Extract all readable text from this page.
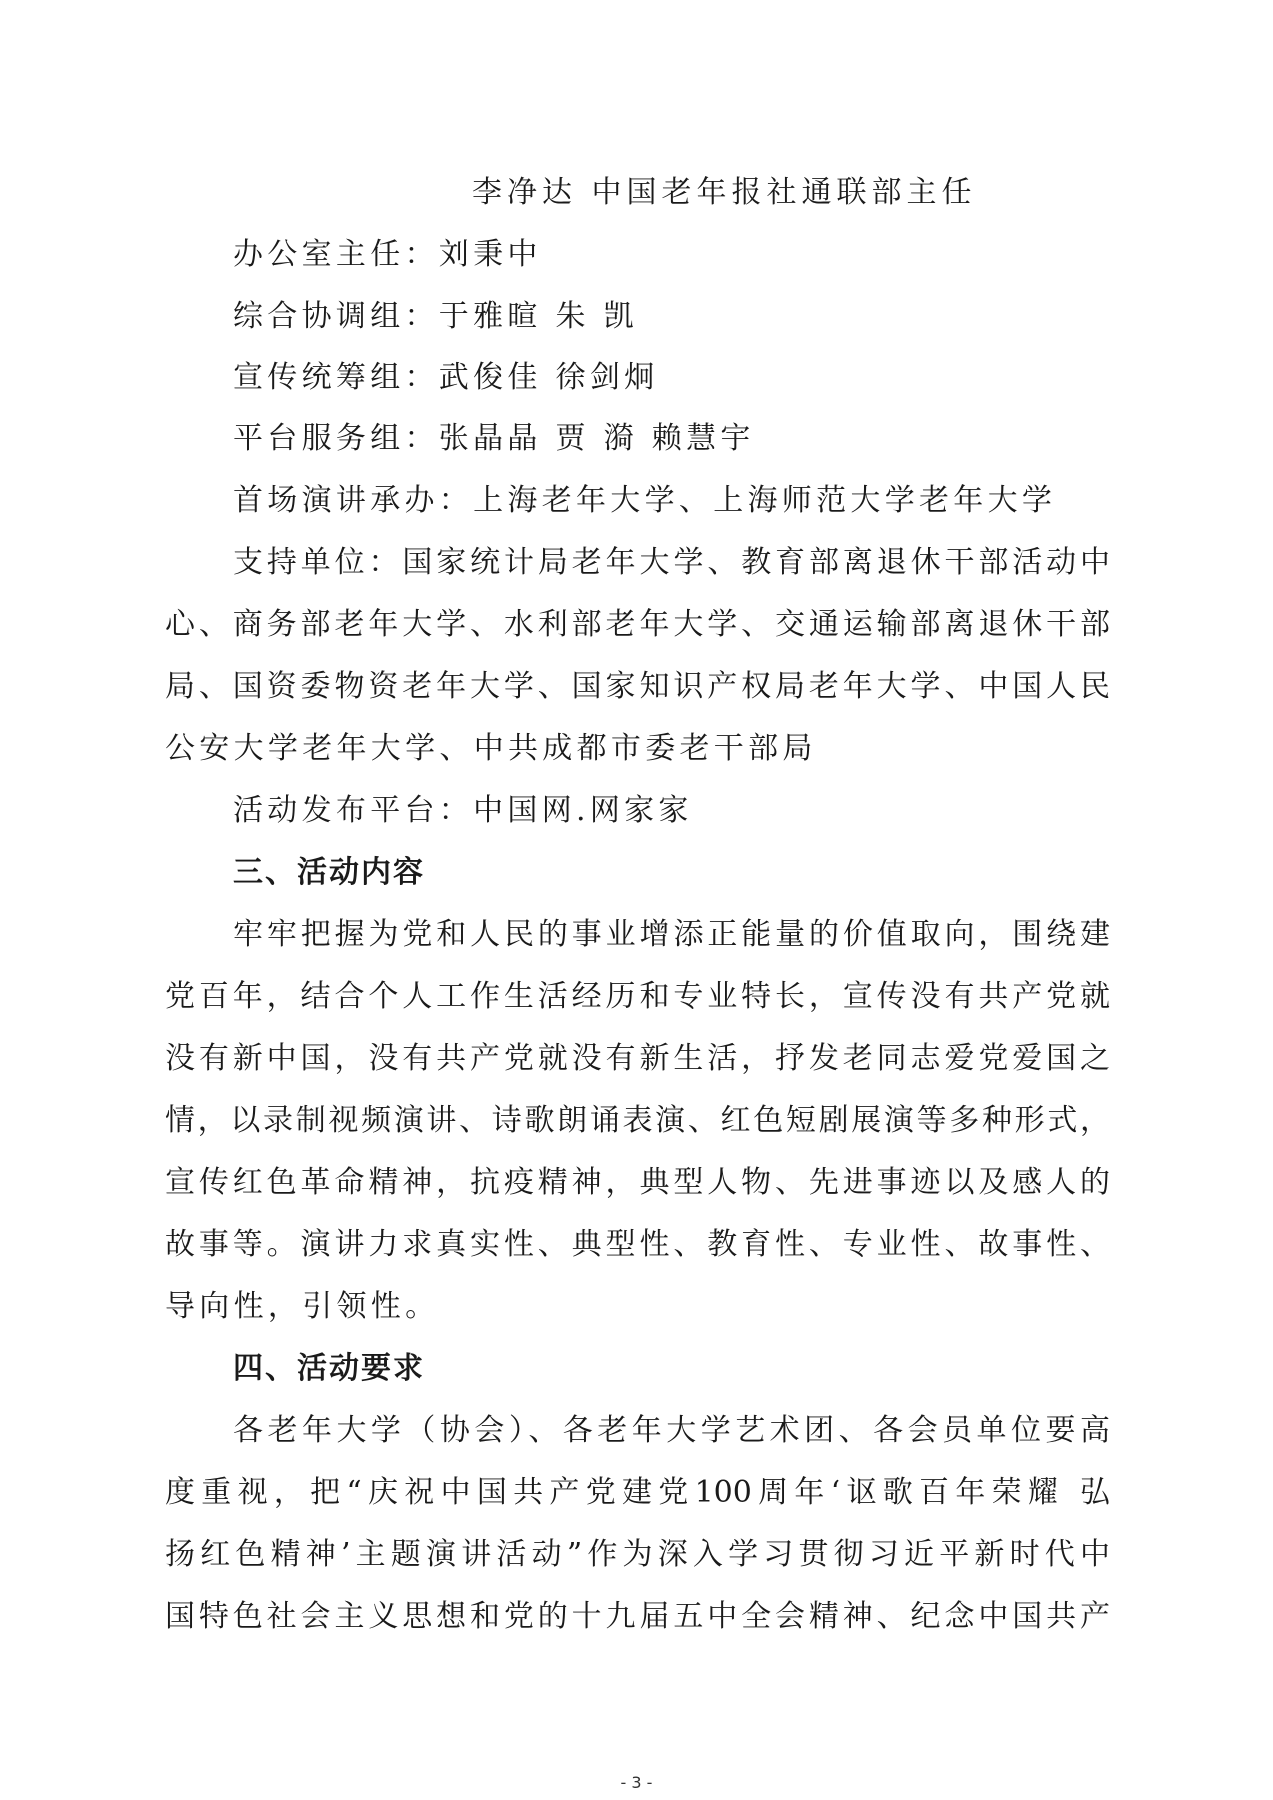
李净达 中国老年报社通联部主任
办公室主任：刘秉中
综合协调组：于雅暄 朱 凯
宣传统筹组：武俊佳 徐剑炯
平台服务组：张晶晶 贾 漪 赖慧宇
首场演讲承办：上海老年大学、上海师范大学老年大学
支持单位：国家统计局老年大学、教育部离退休干部活动中
心、商务部老年大学、水利部老年大学、交通运输部离退休干部
局、国资委物资老年大学、国家知识产权局老年大学、中国人民
公安大学老年大学、中共成都市委老干部局
活动发布平台：中国网.网家家
三、活动内容
牢牢把握为党和人民的事业增添正能量的价值取向，围绕建
党百年，结合个人工作生活经历和专业特长，宣传没有共产党就
没有新中国，没有共产党就没有新生活，抒发老同志爱党爱国之
情，以录制视频演讲、诗歌朗诵表演、红色短剧展演等多种形式，
宣传红色革命精神，抗疫精神，典型人物、先进事迹以及感人的
故事等。演讲力求真实性、典型性、教育性、专业性、故事性、
导向性，引领性。
四、活动要求
各老年大学（协会）、各老年大学艺术团、各会员单位要高
度重视，把“庆祝中国共产党建党100周年‘讴歌百年荣耀 弘
扬红色精神’主题演讲活动”作为深入学习贯彻习近平新时代中
国特色社会主义思想和党的十九届五中全会精神、纪念中国共产
- 3 -
